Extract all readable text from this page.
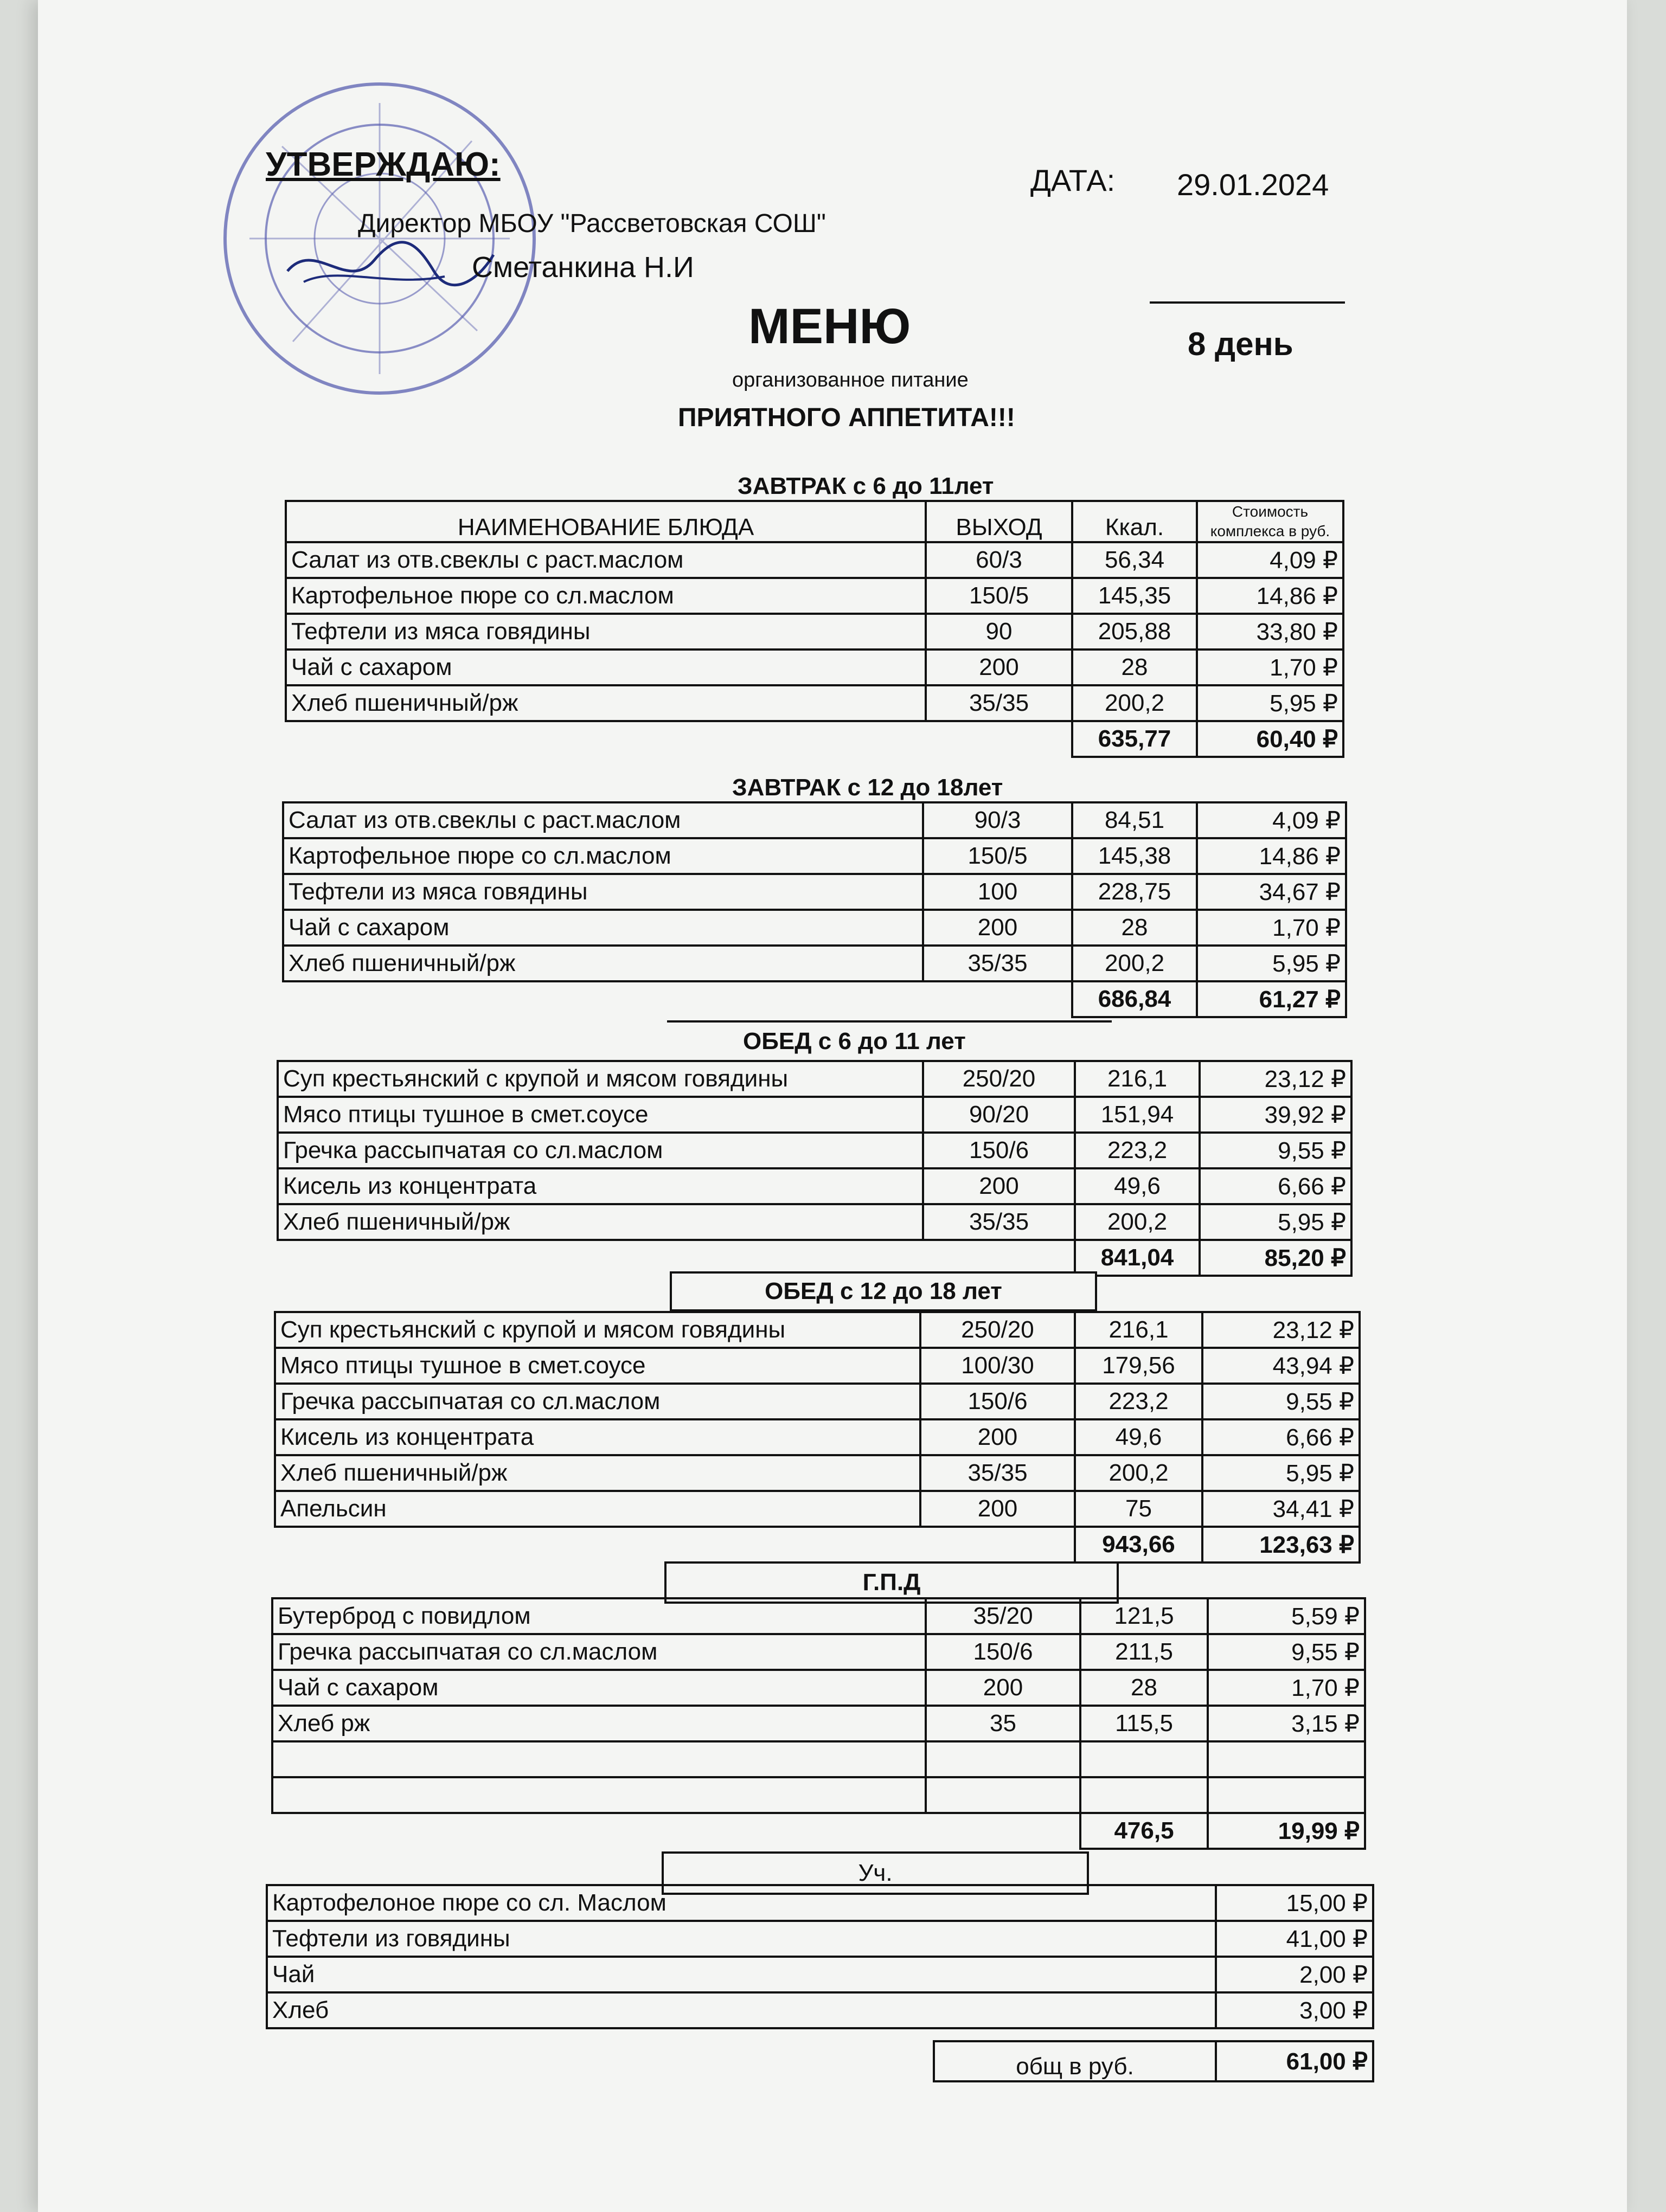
УТВЕРЖДАЮ:
Директор МБОУ "Рассветовская СОШ"
Сметанкина Н.И
ДАТА: 29.01.2024
8 день
МЕНЮ
организованное питание
ПРИЯТНОГО АППЕТИТА!!!
ЗАВТРАК с 6 до 11лет
НАИМЕНОВАНИЕ БЛЮДА	ВЫХОД	Ккал.	Стоимость комплекса в руб.
Салат из отв.свеклы с раст.маслом	60/3	56,34	4,09 ₽
Картофельное пюре со сл.маслом	150/5	145,35	14,86 ₽
Тефтели из мяса говядины	90	205,88	33,80 ₽
Чай с сахаром	200	28	1,70 ₽
Хлеб пшеничный/рж	35/35	200,2	5,95 ₽
		635,77	60,40 ₽
ЗАВТРАК с 12 до 18лет
Салат из отв.свеклы с раст.маслом	90/3	84,51	4,09 ₽
Картофельное пюре со сл.маслом	150/5	145,38	14,86 ₽
Тефтели из мяса говядины	100	228,75	34,67 ₽
Чай с сахаром	200	28	1,70 ₽
Хлеб пшеничный/рж	35/35	200,2	5,95 ₽
		686,84	61,27 ₽
ОБЕД с 6 до 11 лет
Суп крестьянский с крупой и мясом говядины	250/20	216,1	23,12 ₽
Мясо птицы тушное в смет.соусе	90/20	151,94	39,92 ₽
Гречка рассыпчатая со сл.маслом	150/6	223,2	9,55 ₽
Кисель из концентрата	200	49,6	6,66 ₽
Хлеб пшеничный/рж	35/35	200,2	5,95 ₽
		841,04	85,20 ₽
ОБЕД с 12 до 18 лет
Суп крестьянский с крупой и мясом говядины	250/20	216,1	23,12 ₽
Мясо птицы тушное в смет.соусе	100/30	179,56	43,94 ₽
Гречка рассыпчатая со сл.маслом	150/6	223,2	9,55 ₽
Кисель из концентрата	200	49,6	6,66 ₽
Хлеб пшеничный/рж	35/35	200,2	5,95 ₽
Апельсин	200	75	34,41 ₽
		943,66	123,63 ₽
Г.П.Д
Бутерброд с повидлом	35/20	121,5	5,59 ₽
Гречка рассыпчатая со сл.маслом	150/6	211,5	9,55 ₽
Чай с сахаром	200	28	1,70 ₽
Хлеб рж	35	115,5	3,15 ₽

		476,5	19,99 ₽
Уч.
Картофелоное пюре со сл. Маслом	15,00 ₽
Тефтели из говядины	41,00 ₽
Чай	2,00 ₽
Хлеб	3,00 ₽
общ в руб.	61,00 ₽
